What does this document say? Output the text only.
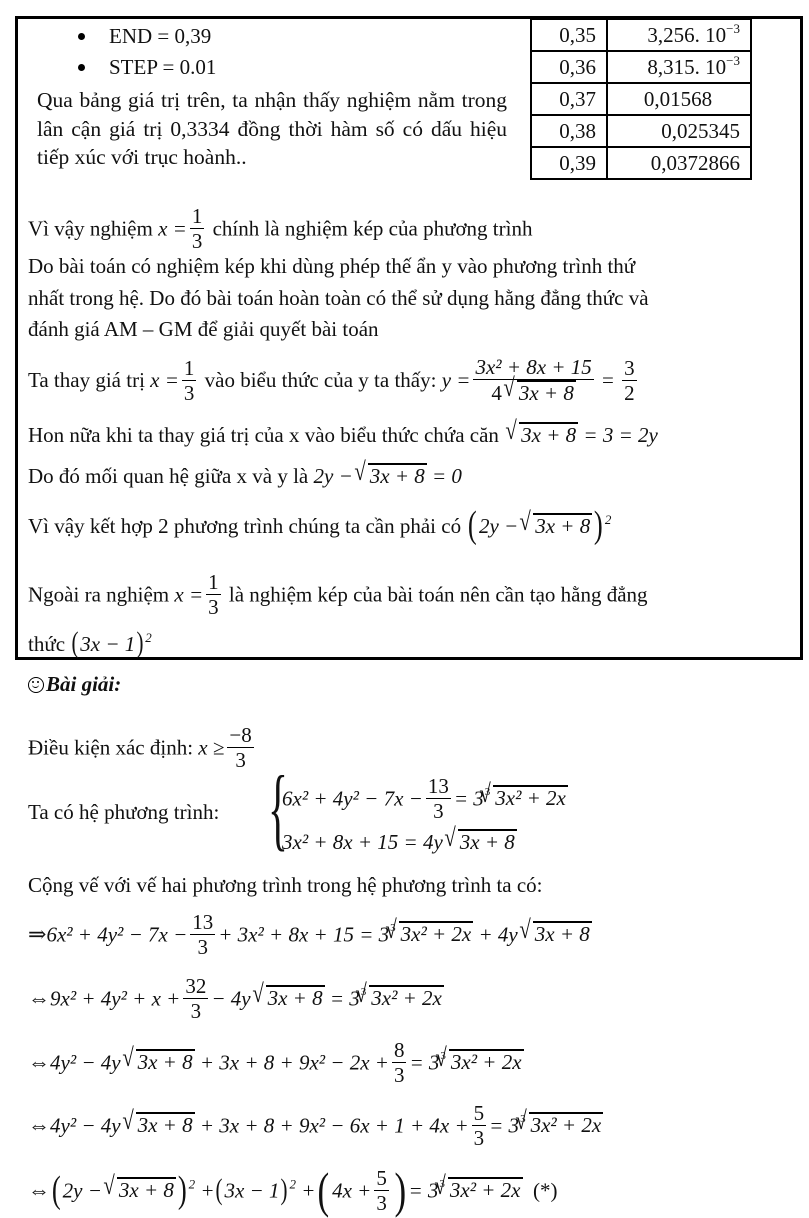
END = 0,39
STEP = 0.01
Qua bảng giá trị trên, ta nhận thấy nghiệm nằm trong lân cận giá trị 0,3334 đồng thời hàm số có dấu hiệu tiếp xúc với trục hoành..
0,35	3,256. $10^{-3}$
0,36	8,315. $10^{-3}$
0,37	0,01568
0,38	0,025345
0,39	0,0372866
Vì vậy nghiệm $x = \frac{1}{3}$ chính là nghiệm kép của phương trình
Do bài toán có nghiệm kép khi dùng phép thế ẩn y vào phương trình thứ
nhất trong hệ. Do đó bài toán hoàn toàn có thể sử dụng hằng đẳng thức và
đánh giá AM – GM để giải quyết bài toán
Ta thay giá trị $x = \frac{1}{3}$ vào biểu thức của y ta thấy: $y = \frac{\text{3x² + 8x + 15}}{4 √ 3x + 8} = \frac{3}{2}$
Hon nữa khi ta thay giá trị của x vào biểu thức chứa căn √ 3x + 8 = 3 = 2y
Do đó mối quan hệ giữa x và y là 2y − √ 3x + 8 = 0
Vì vậy kết hợp 2 phương trình chúng ta cần phải có (2y − √ 3x + 8 ) $^2$
Ngoài ra nghiệm $x = \frac{1}{3}$ là nghiệm kép của bài toán nên cần tạo hằng đẳng
thức (3x − 1) $^2$
Bài giải:
Điều kiện xác định: $x \ge \frac{-8}{3}$
Ta có hệ phương trình: {
$6x^2 + 4y^2 - 7x - \frac{13}{3} = 3^3$ √ 3x² + 2x
3x² + 8x + 15 = 4y √ 3x + 8
Cộng vế với vế hai phương trình trong hệ phương trình ta có:
⇒6x² + $4y^2 - 7x - \frac{13}{3} + 3x^2 + 8x + 15 = 3^3$ √ 3x² + 2x + 4y √ 3x + 8
⇔9x² + $4y^2 + x + \frac{32}{3} - 4y$ √ $3x + 8 = 3^3$ √ 3x² + 2x
⇔4y² − 4y √ $3x + 8 + 3x + 8 + 9x^2 - 2x + \frac{8}{3} = 3^3$ √ 3x² + 2x
⇔4y² − 4y √ $3x + 8 + 3x + 8 + 9x^2 - 6x + 1 + 4x + \frac{5}{3} = 3^3$ √ 3x² + 2x
⇔(2y − √ 3x + 8 ) $^2$ +(3x − 1) $^2$ +( $4x + \frac{5}{3}$ ) = $3^3$ √ 3x² + 2x (*)
